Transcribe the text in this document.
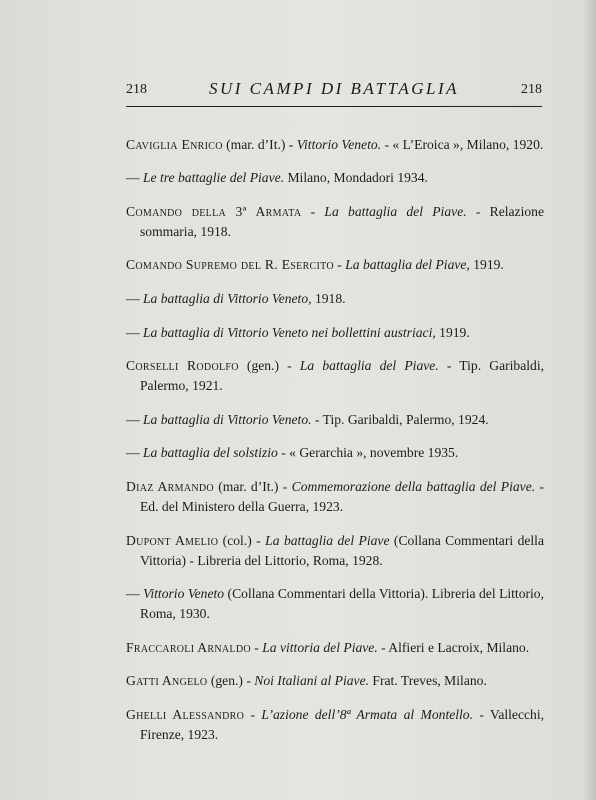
218	SUI CAMPI DI BATTAGLIA	218

Caviglia Enrico (mar. d’It.) - Vittorio Veneto. - « L’Eroica », Milano, 1920.

— Le tre battaglie del Piave. Milano, Mondadori 1934.

Comando della 3ª Armata - La battaglia del Piave. - Relazione sommaria, 1918.

Comando Supremo del R. Esercito - La battaglia del Piave, 1919.

— La battaglia di Vittorio Veneto, 1918.

— La battaglia di Vittorio Veneto nei bollettini austriaci, 1919.

Corselli Rodolfo (gen.) - La battaglia del Piave. - Tip. Garibaldi, Palermo, 1921.

— La battaglia di Vittorio Veneto. - Tip. Garibaldi, Palermo, 1924.

— La battaglia del solstizio - « Gerarchia », novembre 1935.

Diaz Armando (mar. d’It.) - Commemorazione della battaglia del Piave. - Ed. del Ministero della Guerra, 1923.

Dupont Amelio (col.) - La battaglia del Piave (Collana Commentari della Vittoria) - Libreria del Littorio, Roma, 1928.

— Vittorio Veneto (Collana Commentari della Vittoria). Libreria del Littorio, Roma, 1930.

Fraccaroli Arnaldo - La vittoria del Piave. - Alfieri e Lacroix, Milano.

Gatti Angelo (gen.) - Noi Italiani al Piave. Frat. Treves, Milano.

Ghelli Alessandro - L’azione dell’8ª Armata al Montello. - Vallecchi, Firenze, 1923.
